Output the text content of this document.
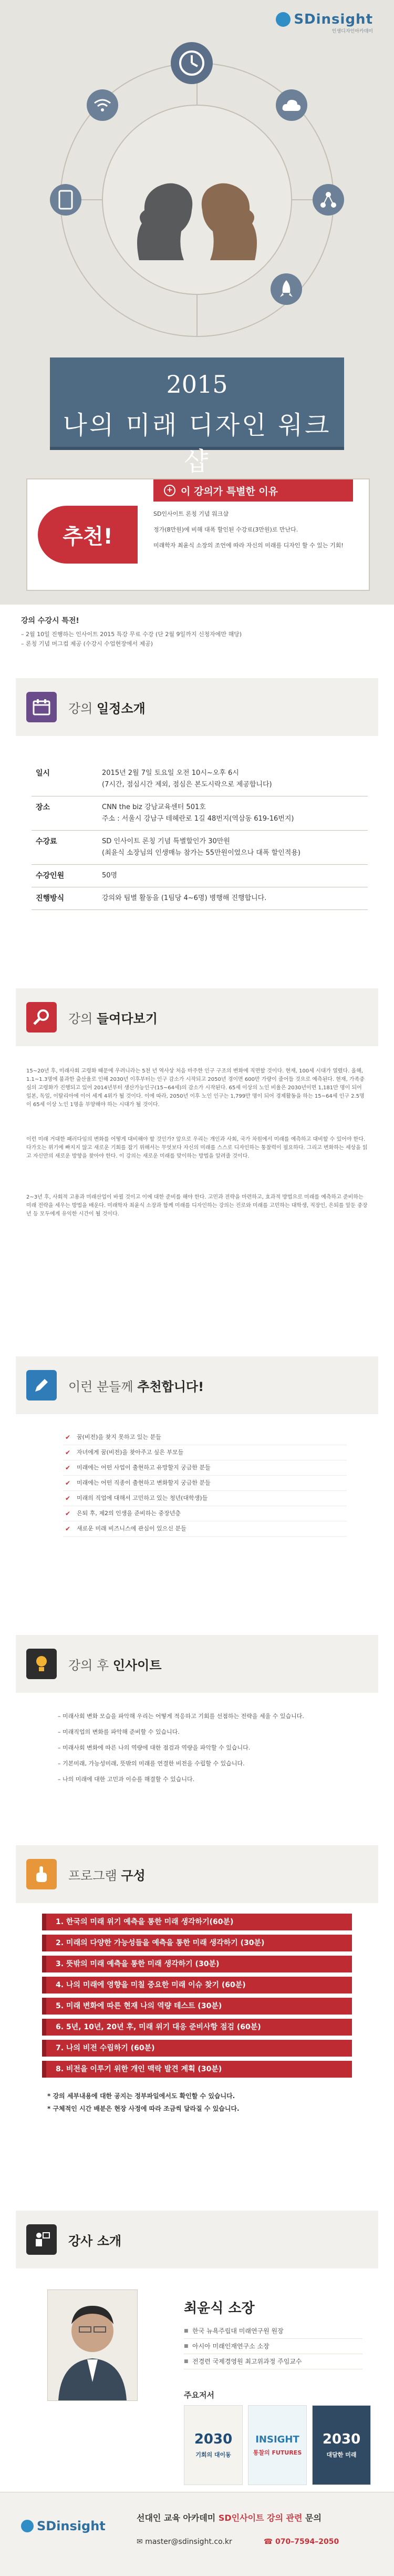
SDinsight
인생디자인아카데미
2015
나의 미래 디자인 워크샵
+ 이 강의가 특별한 이유
추천!
SD인사이트 론칭 기념 워크샵
정가(8만원)에 비해 대폭 할인된 수강료(3만원)로 만난다.
미래학자 최윤식 소장의 조언에 따라 자신의 미래를 디자인 할 수 있는 기회!
강의 수강시 특전!
– 2월 10일 진행하는 인사이트 2015 특강 무료 수강 (단 2월 9일까지 신청자에만 해당)
– 론칭 기념 머그컵 제공 (수강시 수업현장에서 제공)
강의 일정소개
일시	2015년 2월 7일 토요일 오전 10시~오후 6시
(7시간, 점심시간 제외, 점심은 본도시락으로 제공합니다)
장소	CNN the biz 강남교육센터 501호
주소 : 서울시 강남구 테헤란로 1길 48번지(역삼동 619-16번지)
수강료	SD 인사이트 론칭 기념 특별할인가 30만원
(최윤식 소장님의 인생매뉴 참가는 55만원이었으나 대폭 할인적용)
수강인원	50명
진행방식	강의와 팀별 활동을 (1팀당 4~6명) 병행해 진행합니다.
강의 들여다보기
15~20년 후, 미래사회 고령화 때문에 우려니라는 5천 년 역사상 처음 마주한 인구 구조의 변화에 직면할 것이다. 현재, 100세 시대가 열렸다. 올해, 1.1~1.3명에 불과한 출산율로 인해 2030년 이후부터는 인구 감소가 시작되고 2050년 경이면 600만 가량이 줄어들 것으로 예측된다. 현재, 가족중심의 고령화가 진행되고 있어 2014년부터 생산가능인구(15~64세)의 감소가 시작된다. 65세 이상의 노인 비율은 2030년이면 1,181만 명이 되어 일본, 독일, 이탈리아에 이어 세계 4위가 될 것이다. 이에 따라, 2050년 이후 노인 인구는 1,799만 명이 되어 경제활동을 하는 15~64세 인구 2.5명이 65세 이상 노인 1명을 부양해야 하는 시대가 될 것이다.
이런 미래 거대한 패러다임의 변화를 어떻게 대비해야 할 것인가? 앞으로 우리는 개인과 사회, 국가 차원에서 미래를 예측하고 대비할 수 있어야 한다. 다가오는 위기에 빠지지 않고 새로운 기회를 잡기 위해서는 무엇보다 자신의 미래를 스스로 디자인하는 통찰력이 필요하다. 그리고 변화하는 세상을 읽고 자신만의 새로운 방향을 찾아야 한다. 이 강의는 새로운 미래를 맞이하는 방법을 알려줄 것이다.
2~3년 후, 사회적 고용과 미래산업이 바뀔 것이고 이에 대한 준비를 해야 한다. 고민과 전략을 마련하고, 효과적 방법으로 미래를 예측하고 준비하는 미래 전략을 세우는 방법을 배운다. 미래학자 최윤식 소장과 함께 미래를 디자인하는 강의는 진로와 미래를 고민하는 대학생, 직장인, 은퇴를 앞둔 중장년 등 모두에게 유익한 시간이 될 것이다.
이런 분들께 추천합니다!
✔ 꿈(비전)을 찾지 못하고 있는 분들
✔ 자녀에게 꿈(비전)을 찾아주고 싶은 부모들
✔ 미래에는 어떤 사업이 출현하고 유망할지 궁금한 분들
✔ 미래에는 어떤 직종이 출현하고 변화할지 궁금한 분들
✔ 미래의 직업에 대해서 고민하고 있는 청년(대학생)들
✔ 은퇴 후, 제2의 인생을 준비하는 중장년층
✔ 새로운 미래 비즈니스에 관심이 있으신 분들
강의 후 인사이트
– 미래사회 변화 모습을 파악해 우리는 어떻게 적응하고 기회를 선점하는 전략을 세울 수 있습니다.
– 미래직업의 변화를 파악해 준비할 수 있습니다.
– 미래사회 변화에 따른 나의 역량에 대한 점검과 역량을 파악할 수 있습니다.
– 기본미래, 가능성미래, 뜻밖의 미래를 연결한 비전을 수립할 수 있습니다.
– 나의 미래에 대한 고민과 이슈를 해결할 수 있습니다.
프로그램 구성
1. 한국의 미래 위기 예측을 통한 미래 생각하기(60분)
2. 미래의 다양한 가능성들을 예측을 통한 미래 생각하기 (30분)
3. 뜻밖의 미래 예측을 통한 미래 생각하기 (30분)
4. 나의 미래에 영향을 미칠 중요한 미래 이슈 찾기 (60분)
5. 미래 변화에 따른 현재 나의 역량 테스트 (30분)
6. 5년, 10년, 20년 후, 미래 위기 대응 준비사항 점검 (60분)
7. 나의 비전 수립하기 (60분)
8. 비전을 이루기 위한 개인 맥락 발견 계획 (30분)
* 강의 세부내용에 대한 공지는 정부파일에서도 확인할 수 있습니다.
* 구체적인 시간 배분은 현장 사정에 따라 조금씩 달라질 수 있습니다.
강사 소개
최윤식 소장
■ 한국 뉴욕주립대 미래연구원 원장
■ 아시아 미래인재연구소 소장
■ 전경련 국제경영원 최고위과정 주임교수
주요저서
2030
기회의 대이동
INSIGHT
통찰의 FUTURES
2030
대담한 미래
SDinsight
선대인 교육 아카데미 SD인사이트 강의 관련 문의
✉ master@sdinsight.co.kr	☎ 070–7594–2050
